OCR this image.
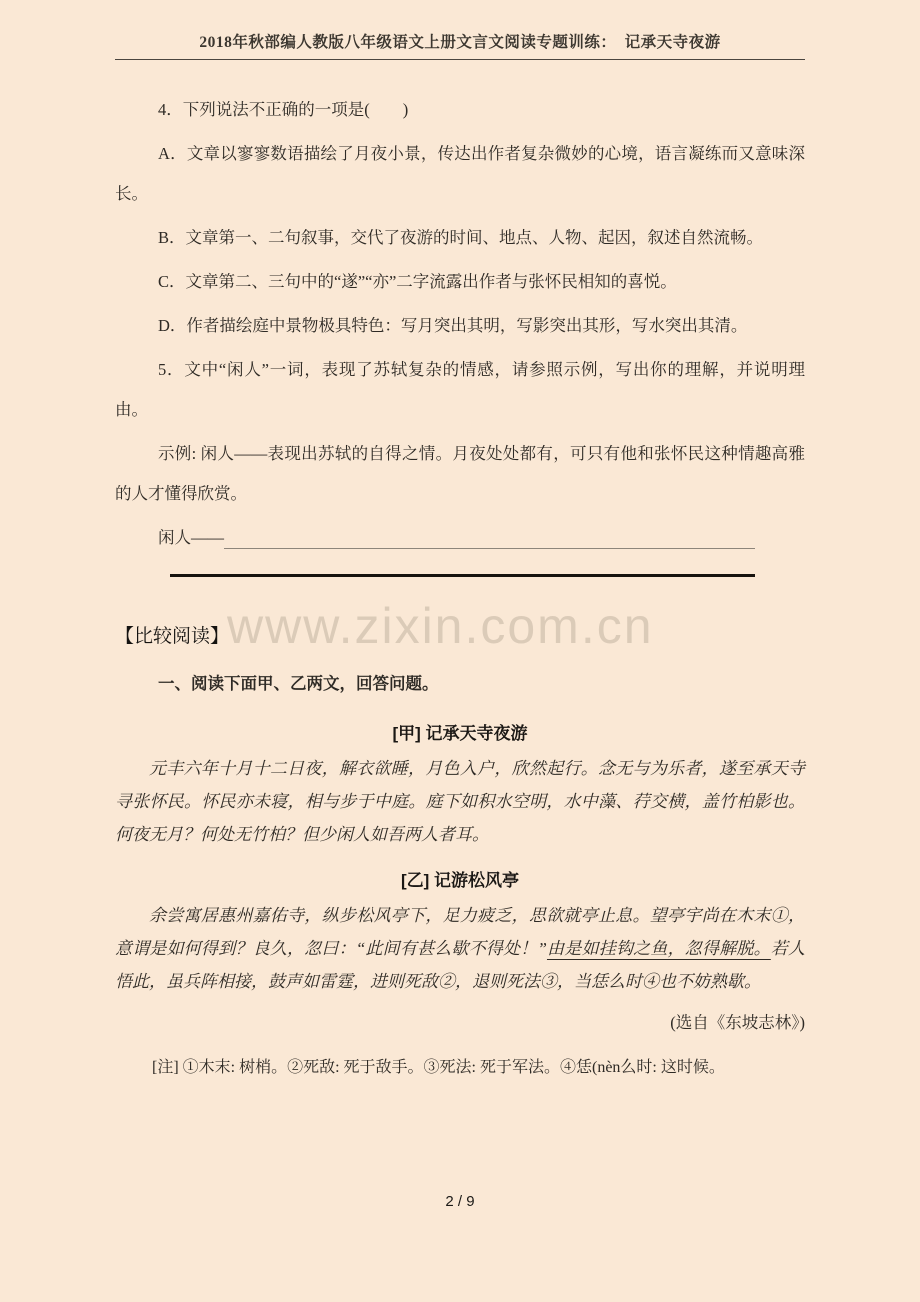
2018年秋部编人教版八年级语文上册文言文阅读专题训练：　记承天寺夜游

4．下列说法不正确的一项是(　　)

A．文章以寥寥数语描绘了月夜小景，传达出作者复杂微妙的心境，语言凝练而又意味深长。

B．文章第一、二句叙事，交代了夜游的时间、地点、人物、起因，叙述自然流畅。

C．文章第二、三句中的“遂”“亦”二字流露出作者与张怀民相知的喜悦。

D．作者描绘庭中景物极具特色：写月突出其明，写影突出其形，写水突出其清。

5．文中“闲人”一词，表现了苏轼复杂的情感，请参照示例，写出你的理解，并说明理由。

示例: 闲人——表现出苏轼的自得之情。月夜处处都有，可只有他和张怀民这种情趣高雅的人才懂得欣赏。

闲人——
www.zixin.com.cn
【比较阅读】

一、阅读下面甲、乙两文，回答问题。

[甲] 记承天寺夜游

元丰六年十月十二日夜，解衣欲睡，月色入户，欣然起行。念无与为乐者，遂至承天寺寻张怀民。怀民亦未寝，相与步于中庭。庭下如积水空明，水中藻、荇交横，盖竹柏影也。何夜无月？何处无竹柏？但少闲人如吾两人者耳。

[乙] 记游松风亭

余尝寓居惠州嘉佑寺，纵步松风亭下，足力疲乏，思欲就亭止息。望亭宇尚在木末①，意谓是如何得到？良久，忽曰：“此间有甚么歇不得处！”由是如挂钩之鱼，忽得解脱。若人悟此，虽兵阵相接，鼓声如雷霆，进则死敌②，退则死法③，当恁么时④也不妨熟歇。

(选自《东坡志林》)

[注] ①木末: 树梢。②死敌: 死于敌手。③死法: 死于军法。④恁(nèn么时: 这时候。

2 / 9
